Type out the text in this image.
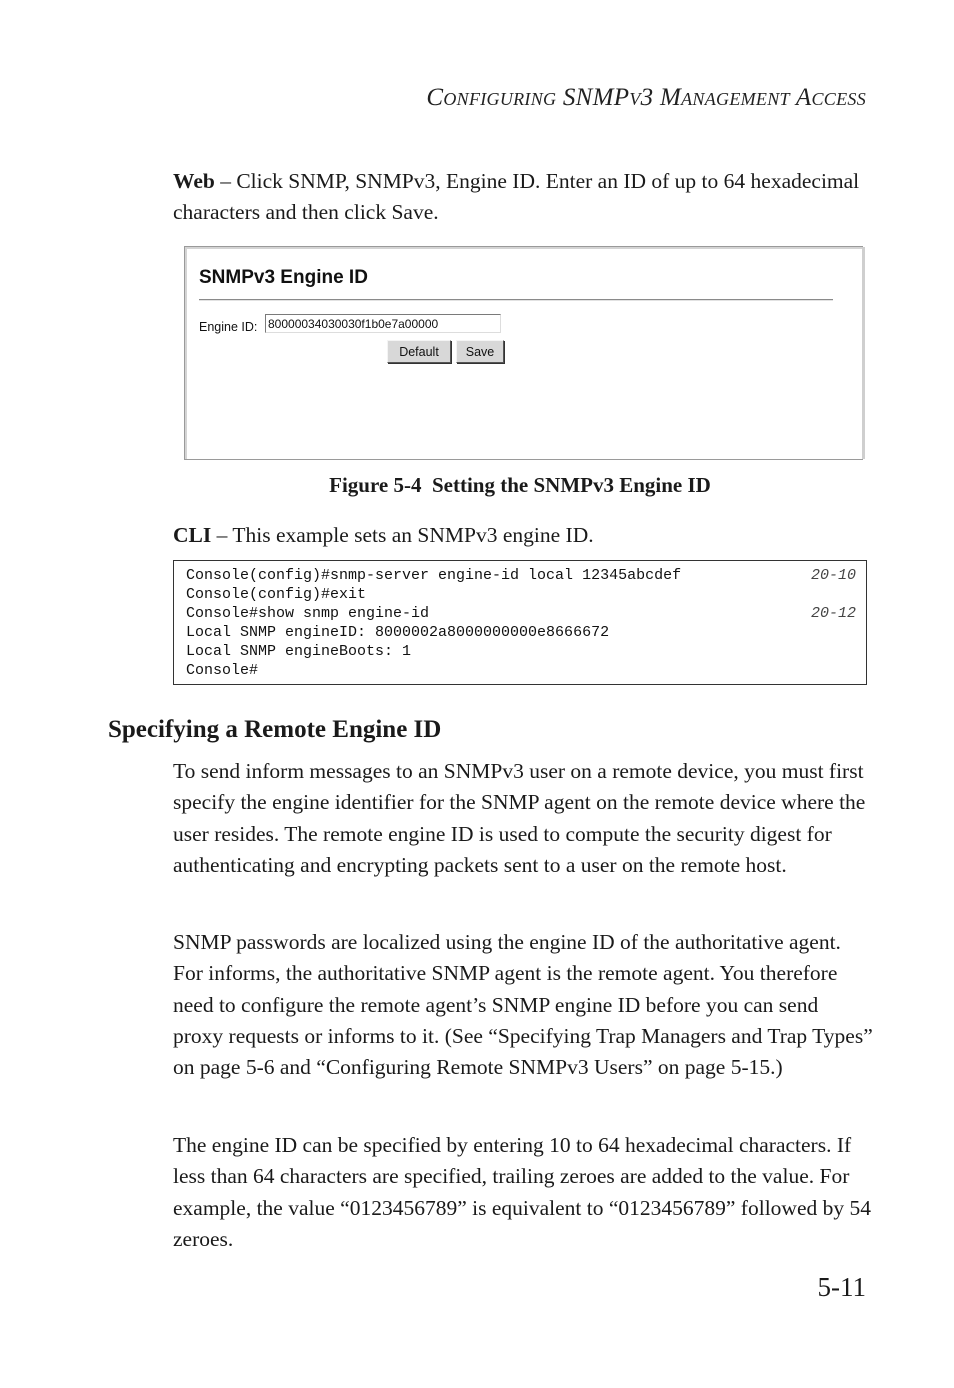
Configuring SNMPv3 Management Access
Web – Click SNMP, SNMPv3, Engine ID. Enter an ID of up to 64 hexadecimal characters and then click Save.
SNMPv3 Engine ID
Engine ID:
80000034030030f1b0e7a00000
Default	Save
Figure 5-4  Setting the SNMPv3 Engine ID
CLI – This example sets an SNMPv3 engine ID.
Console(config)#snmp-server engine-id local 12345abcdef	20-10
Console(config)#exit
Console#show snmp engine-id	20-12
Local SNMP engineID: 8000002a8000000000e8666672
Local SNMP engineBoots: 1
Console#
Specifying a Remote Engine ID
To send inform messages to an SNMPv3 user on a remote device, you must first specify the engine identifier for the SNMP agent on the remote device where the user resides. The remote engine ID is used to compute the security digest for authenticating and encrypting packets sent to a user on the remote host.
SNMP passwords are localized using the engine ID of the authoritative agent. For informs, the authoritative SNMP agent is the remote agent. You therefore need to configure the remote agent’s SNMP engine ID before you can send proxy requests or informs to it. (See “Specifying Trap Managers and Trap Types” on page 5-6 and “Configuring Remote SNMPv3 Users” on page 5-15.)
The engine ID can be specified by entering 10 to 64 hexadecimal characters. If less than 64 characters are specified, trailing zeroes are added to the value. For example, the value “0123456789” is equivalent to “0123456789” followed by 54 zeroes.
5-11
